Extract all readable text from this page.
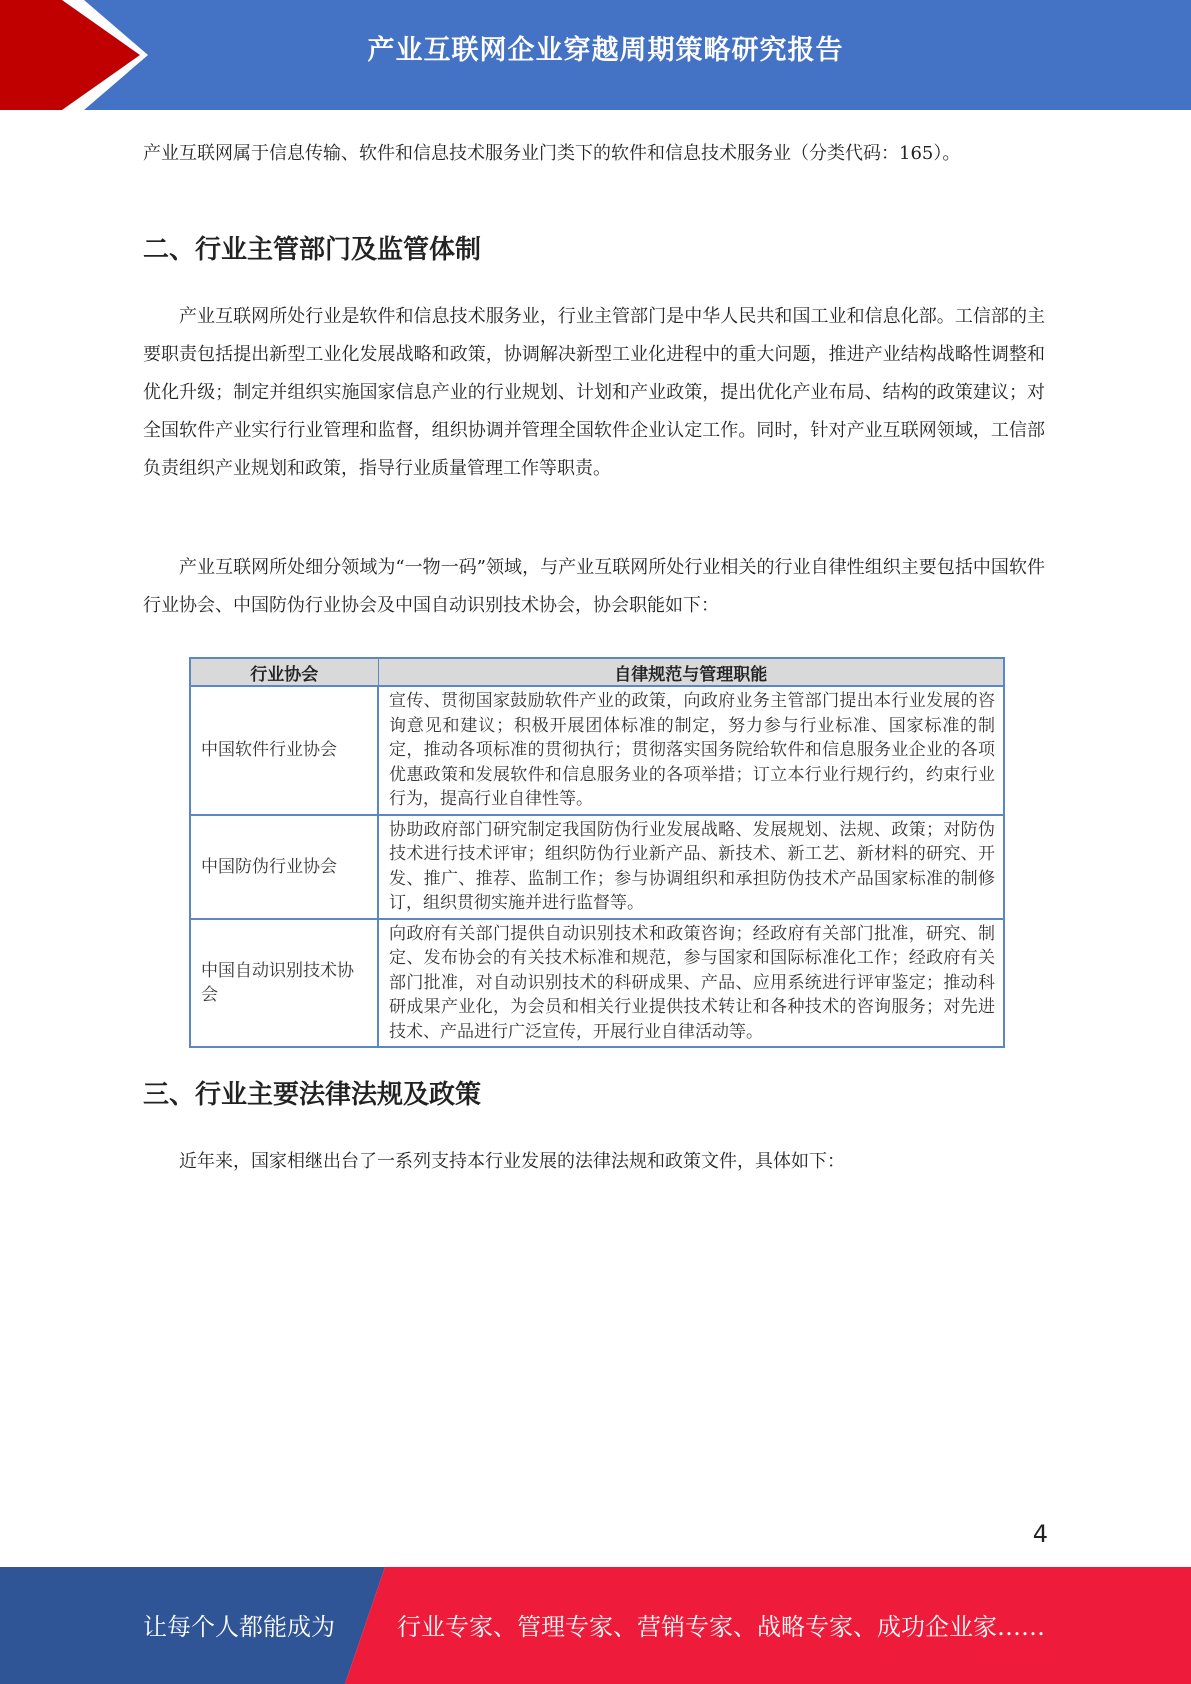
产业互联网企业穿越周期策略研究报告

产业互联网属于信息传输、软件和信息技术服务业门类下的软件和信息技术服务业（分类代码：165）。

二、行业主管部门及监管体制

产业互联网所处行业是软件和信息技术服务业，行业主管部门是中华人民共和国工业和信息化部。工信部的主要职责包括提出新型工业化发展战略和政策，协调解决新型工业化进程中的重大问题，推进产业结构战略性调整和优化升级；制定并组织实施国家信息产业的行业规划、计划和产业政策，提出优化产业布局、结构的政策建议；对全国软件产业实行行业管理和监督，组织协调并管理全国软件企业认定工作。同时，针对产业互联网领域，工信部负责组织产业规划和政策，指导行业质量管理工作等职责。

产业互联网所处细分领域为“一物一码”领域，与产业互联网所处行业相关的行业自律性组织主要包括中国软件行业协会、中国防伪行业协会及中国自动识别技术协会，协会职能如下：

行业协会	自律规范与管理职能
中国软件行业协会	宣传、贯彻国家鼓励软件产业的政策，向政府业务主管部门提出本行业发展的咨询意见和建议；积极开展团体标准的制定，努力参与行业标准、国家标准的制定，推动各项标准的贯彻执行；贯彻落实国务院给软件和信息服务业企业的各项优惠政策和发展软件和信息服务业的各项举措；订立本行业行规行约，约束行业行为，提高行业自律性等。
中国防伪行业协会	协助政府部门研究制定我国防伪行业发展战略、发展规划、法规、政策；对防伪技术进行技术评审；组织防伪行业新产品、新技术、新工艺、新材料的研究、开发、推广、推荐、监制工作；参与协调组织和承担防伪技术产品国家标准的制修订，组织贯彻实施并进行监督等。
中国自动识别技术协会	向政府有关部门提供自动识别技术和政策咨询；经政府有关部门批准，研究、制定、发布协会的有关技术标准和规范，参与国家和国际标准化工作；经政府有关部门批准，对自动识别技术的科研成果、产品、应用系统进行评审鉴定；推动科研成果产业化，为会员和相关行业提供技术转让和各种技术的咨询服务；对先进技术、产品进行广泛宣传，开展行业自律活动等。
三、行业主要法律法规及政策

近年来，国家相继出台了一系列支持本行业发展的法律法规和政策文件，具体如下：

4
让每个人都能成为	行业专家、管理专家、营销专家、战略专家、成功企业家……
